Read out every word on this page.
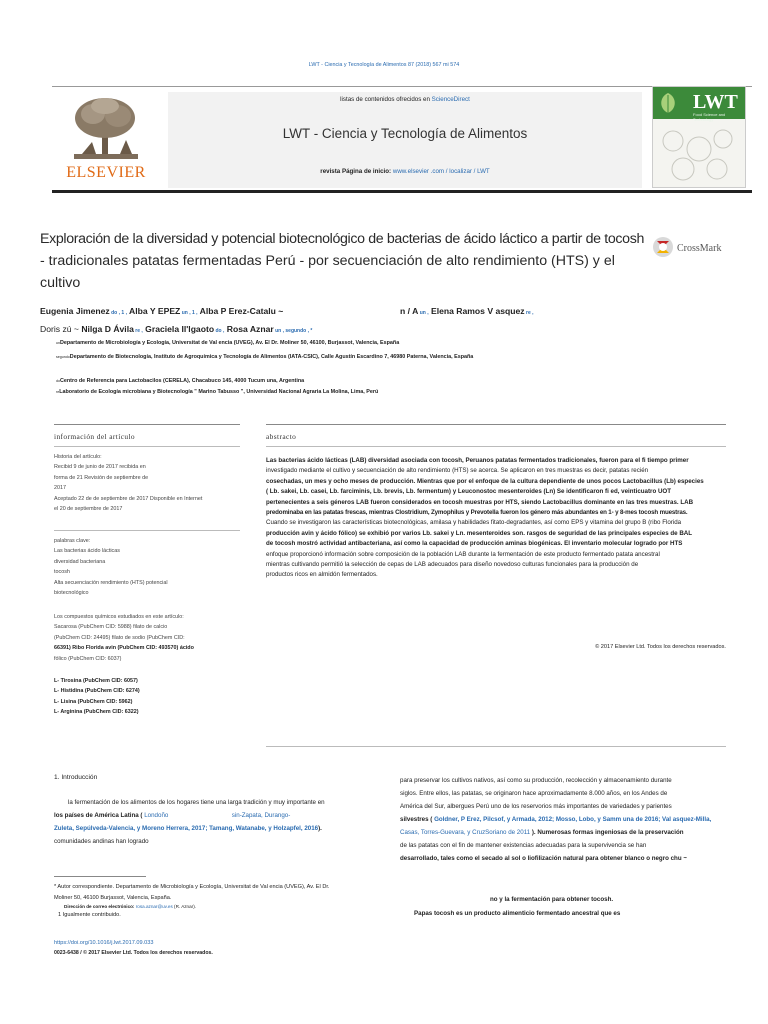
LWT - Ciencia y Tecnología de Alimentos 87 (2018) 567 mi 574
ELSEVIER
listas de contenidos ofrecidos en ScienceDirect
LWT - Ciencia y Tecnología de Alimentos
revista Página de inicio: www.elsevier .com / localizar / LWT
LWT
Food Science and Technology
Exploración de la diversidad y potencial biotecnológico de bacterias de ácido láctico a partir de tocosh
- tradicionales patatas fermentadas Perú - por secuenciación de alto rendimiento (HTS) y el
cultivo
CrossMark
Eugenia Jimenez do , 1 , Alba Y EPEZ un , 1 , Alba P Erez-Catalu ~	n / A un , Elena Ramos V asquez re ,
Doris zú ~ Nilga D Ávila re , Graciela Il'lgaoto do , Rosa Aznar un , segundo , *
unDepartamento de Microbiología y Ecología, Universitat de Val encia (UVEG), Av. El Dr. Moliner 50, 46100, Burjassot, Valencia, España
segundoDepartamento de Biotecnología, Instituto de Agroquímica y Tecnología de Alimentos (IATA-CSIC), Calle Agustín Escardino 7, 46980 Paterna, Valencia, España
doCentro de Referencia para Lactobacilos (CERELA), Chacabuco 145, 4000 Tucum una, Argentina
reLaboratorio de Ecología microbiana y Biotecnología " Marino Tabusso ", Universidad Nacional Agraria La Molina, Lima, Perú
información del artículo	abstracto
Historia del artículo:
Recibid 9 de junio de 2017 recibida en
forma de 21 Revisión de septiembre de
2017
Aceptado 22 de de septiembre de 2017 Disponible en Internet
el 20 de septiembre de 2017
palabras clave:
Las bacterias ácido lácticas
diversidad bacteriana
tocosh
Alta secuenciación rendimiento (HTS) potencial
biotecnológico
Los compuestos químicos estudiados en este artículo:
Sacarosa (PubChem CID: 5988) filato de calcio
(PubChem CID: 24495) filato de sodio (PubChem CID:
66391) Ribo Florida avin (PubChem CID: 493570) ácido
fólico (PubChem CID: 6037)
L- Tirosina (PubChem CID: 6057)
L- Histidina (PubChem CID: 6274)
L- Lisina (PubChem CID: 5962)
L- Arginina (PubChem CID: 6322)

Las bacterias ácido lácticas (LAB) diversidad asociada con tocosh, Peruanos patatas fermentados tradicionales, fueron para el fi tiempo primer

investigado mediante el cultivo y secuenciación de alto rendimiento (HTS) se acerca. Se aplicaron en tres muestras es decir, patatas recién

cosechadas, un mes y ocho meses de producción. Mientras que por el enfoque de la cultura dependiente de unos pocos Lactobacillus (Lb) especies

( Lb. sakei, Lb. casei, Lb. farciminis, Lb. brevis, Lb. fermentum) y Leuconostoc mesenteroides (Ln) Se identificaron fi ed, veinticuatro UOT

pertenecientes a seis géneros LAB fueron considerados en tocosh muestras por HTS, siendo Lactobacillus dominante en las tres muestras. LAB

predominaba en las patatas frescas, mientras Clostridium, Zymophilus y Prevotella fueron los género más abundantes en 1- y 8-mes tocosh muestras.

Cuando se investigaron las características biotecnológicas, amilasa y habilidades fitato-degradantes, así como EPS y vitamina del grupo B (ribo Florida

producción avin y ácido fólico) se exhibió por varios Lb. sakei y Ln. mesenteroides son. rasgos de seguridad de las principales especies de BAL

de tocosh mostró actividad antibacteriana, así como la capacidad de producción aminas biogénicas. El inventario molecular logrado por HTS

enfoque proporcionó información sobre composición de la población LAB durante la fermentación de este producto fermentado patata ancestral

mientras cultivando permitió la selección de cepas de LAB adecuados para diseño novedoso culturas funcionales para la producción de

productos ricos en almidón fermentados.

© 2017 Elsevier Ltd. Todos los derechos reservados.
1. Introducción
la fermentación de los alimentos de los hogares tiene una larga tradición y muy importante en
los países de América Latina ( Londoño	sin-Zapata, Durango-
Zuleta, Sepúlveda-Valencia, y Moreno Herrera, 2017; Tamang, Watanabe, y Holzapfel, 2016).
comunidades andinas han logrado
para preservar los cultivos nativos, así como su producción, recolección y almacenamiento durante
siglos. Entre ellos, las patatas, se originaron hace aproximadamente 8.000 años, en los Andes de
América del Sur, albergues Perú uno de los reservorios más importantes de variedades y parientes
silvestres ( Goldner, P Erez, Pilcsof, y Armada, 2012; Mosso, Lobo, y Samm una de 2016; Val asquez-Milla,
Casas, Torres-Guevara, y CruzSoriano de 2011 ). Numerosas formas ingeniosas de la preservación
de las patatas con el fin de mantener existencias adecuadas para la supervivencia se han
desarrollado, tales como el secado al sol o liofilización natural para obtener blanco o negro chu ~
* Autor correspondiente. Departamento de Microbiología y Ecología, Universitat de Val encia (UVEG), Av. El Dr.
Moliner 50, 46100 Burjassot, Valencia, España.
Dirección de correo electrónico: rosa.aznar@uv.es (R. Aznar).
1 Igualmente contribuido.
https://doi.org/10.1016/j.lwt.2017.09.033
0023-6438 / © 2017 Elsevier Ltd. Todos los derechos reservados.
no y la fermentación para obtener tocosh.
Papas tocosh es un producto alimenticio fermentado ancestral que es
